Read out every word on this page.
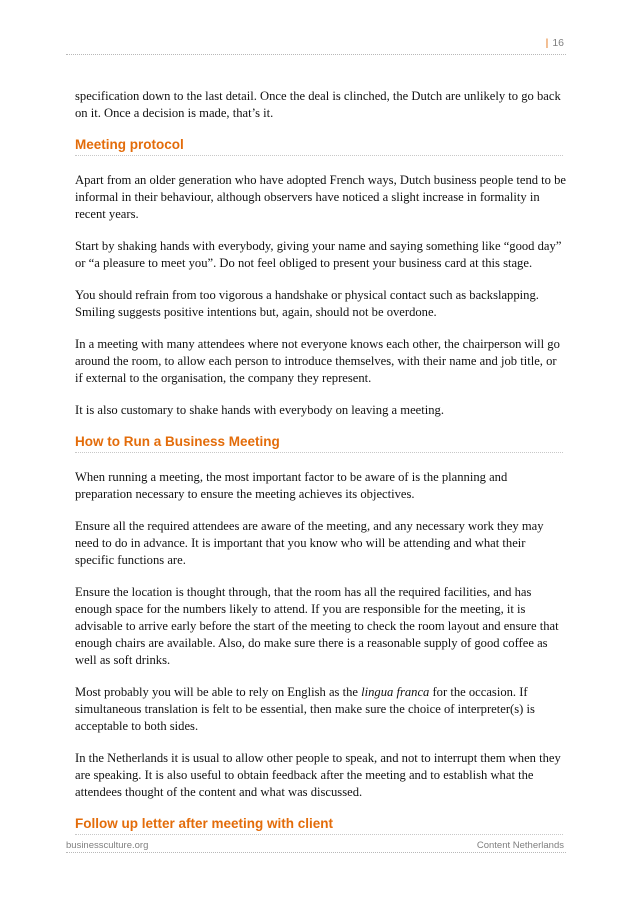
| 16

specification down to the last detail. Once the deal is clinched, the Dutch are unlikely to go back on it. Once a decision is made, that’s it.

Meeting protocol

Apart from an older generation who have adopted French ways, Dutch business people tend to be informal in their behaviour, although observers have noticed a slight increase in formality in recent years.

Start by shaking hands with everybody, giving your name and saying something like “good day” or “a pleasure to meet you”. Do not feel obliged to present your business card at this stage.

You should refrain from too vigorous a handshake or physical contact such as backslapping. Smiling suggests positive intentions but, again, should not be overdone.

In a meeting with many attendees where not everyone knows each other, the chairperson will go around the room, to allow each person to introduce themselves, with their name and job title, or if external to the organisation, the company they represent.

It is also customary to shake hands with everybody on leaving a meeting.

How to Run a Business Meeting

When running a meeting, the most important factor to be aware of is the planning and preparation necessary to ensure the meeting achieves its objectives.

Ensure all the required attendees are aware of the meeting, and any necessary work they may need to do in advance. It is important that you know who will be attending and what their specific functions are.

Ensure the location is thought through, that the room has all the required facilities, and has enough space for the numbers likely to attend. If you are responsible for the meeting, it is advisable to arrive early before the start of the meeting to check the room layout and ensure that enough chairs are available. Also, do make sure there is a reasonable supply of good coffee as well as soft drinks.

Most probably you will be able to rely on English as the lingua franca for the occasion. If simultaneous translation is felt to be essential, then make sure the choice of interpreter(s) is acceptable to both sides.

In the Netherlands it is usual to allow other people to speak, and not to interrupt them when they are speaking. It is also useful to obtain feedback after the meeting and to establish what the attendees thought of the content and what was discussed.

Follow up letter after meeting with client
businessculture.org	Content Netherlands
